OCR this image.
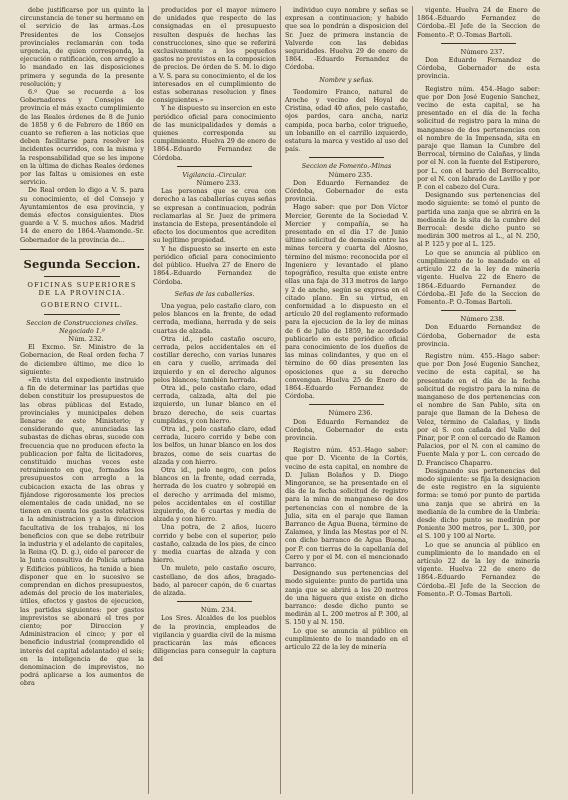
debe justificarse por un quinto la circunstancia de tener su hermano en el servicio de las armas.-Los Presidentes de los Consejos provinciales reclamarán con toda urgencia, de quien corresponda, la ejecución o ratificación, con arreglo a lo mandado en las disposiciones primera y segunda de la presente resolución; y

6.º Que se recuerde a los Gobernadores y Consejos de provincia el más exacto cumplimiento de las Reales órdenes de 8 de Junio de 1858 y 6 de Febrero de 1860 en cuanto se refieren a las noticias que deben facilitarse para resolver los incidentes ocurridos, con la misma y la responsabilidad que se les impone en la última de dichas Reales órdenes por las faltas u omisiones en este servicio.

De Real orden lo digo a V. S. para su conocimiento, el del Consejo y Ayuntamientos de esa provincia, y demás efectos consiguientes. Dios guarde a V. S. muchos años. Madrid 14 de enero de 1864.-Vaamonde.-Sr. Gobernador de la provincia de...

Segunda Seccion.

OFICINAS SUPERIORES DE LA PROVINCIA.

GOBIERNO CIVIL.

Seccion de Construcciones civiles. Negociado 1.º

Núm. 232.

El Excmo. Sr. Ministro de la Gobernacion, de Real orden fecha 7 de diciembre último, me dice lo siguiente:

«En vista del expediente instruido a fin de determinar las partidas que deben constituir los presupuestos de las obras públicas del Estado, provinciales y municipales deben llenarse de este Ministerio; y considerando que, anunciadas las subastas de dichas obras, sucede con frecuencia que no producen efecto la publicacion por falta de licitadores, constituido muchas veces este retraimiento en que, formados los presupuestos con arreglo a la cubicacion exacta de las obras y fijándose rigorosamente los precios elementales de cada unidad, no se tienen en cuenta los gastos relativos a la administracion y a la direccion facultativa de los trabajos, ni los beneficios con que se debe retribuir la industria y el adelanto de capitales, la Reina (Q. D. g.), oido el parecer de la Junta consultiva de Policía urbana y Edificios públicos, ha tenido a bien disponer que en lo sucesivo se comprendan en dichos presupuestos, además del precio de los materiales, útiles, efectos y gastos de ejecucion, las partidas siguientes: por gastos imprevistos se abonará el tres por ciento; por Direccion y Administracion el cinco; y por el beneficio industrial (comprendido el interés del capital adelantado) el seis; en la inteligencia de que la denominacion de imprevistos, no podrá aplicarse a los aumentos de obra

producidos por el mayor número de unidades que respecto de las consignadas en el presupuesto resulten después de hechas las construcciones, sino que se referirá exclusivamente a los pequeños gastos no previstos en la composicion de precios. De órden de S. M. lo digo a V. S. para su conocimiento, el de los interesados en el cumplimiento de estas soberanas resolucion y fines consiguientes.»

Y he dispuesto su insercion en este periódico oficial para conocimiento de las municipalidades y demás a quienes corresponda su cumplimiento. Huelva 29 de enero de 1864.-Eduardo Fernandez de Córdoba.

Vigilancia.-Circular.

Número 233.

Las personas que se crea con derecho a las caballerías cuyas señas se expresan a continuacion, podrán reclamarlas al Sr. Juez de primera instancia de Estepa, presentándole el efecto los documentos que acrediten su legítimo propiedad.

Y he dispuesto se inserte en este periódico oficial para conocimiento del público. Huelva 27 de Enero de 1864.-Eduardo Fernandez de Córdoba.

Señas de las caballerías.

Una yegua, pelo castaño claro, con pelos blancos en la frente, de edad cerrada, mediana, herrada y de seis cuartas de alzada.

Otra id., pelo castaño oscuro, cerrada, pelos accidentales en el costillar derecho, con varias lunares en cara y cuello, arrimada del izquierdo y en el derecho algunos pelos blancos; también herrada.

Otra id., pelo castaño claro, edad cerrada, calzada, alta del pie izquierdo, un lunar blanco en el brazo derecho, de seis cuartas cumplidas, y con hierro.

Otra id., pelo castaño claro, edad cerrada, lucero corrido y bebe con los belfos, un lunar blanco en los dos brazos, come de seis cuartas de alzada y con hierro.

Otra id., pelo negro, con pelos blancos en la frente, edad cerrada, herrada de los cuatro y sobrepié en el derecho y arrimada del mismo, pelos accidentales en el costillar izquierdo, de 6 cuartas y media de alzada y con hierro.

Una potra, de 2 años, lucero corrido y bebe con el superior, pelo castaño, calzada de los pies, de cinco y media cuartas de alzada y con hierro.

Un muleto, pelo castaño oscuro, castellano, de dos años, bragado-bado, al parecer capón, de 6 cuartas de alzada.

Núm. 234.

Los Sres. Alcaldes de los pueblos de la provincia, empleados de vigilancia y guardia civil de la misma practicarán las más eficaces diligencias para conseguir la captura del

individuo cuyo nombre y señas se expresan a continuacion; y habido que sea lo pondrán a disposicion del Sr. Juez de primera instancia de Valverde con las debidas seguridades. Huelva 29 de enero de 1864. -Eduardo Fernandez de Córdoba.

Nombre y señas.

Teodomiro Franco, natural de Aroche y vecino del Hoyal de Cristina, edad 40 años, pelo castaño, ojos pardos, cara ancha, nariz campida, poca barba, color trigueño, un lobanillo en el carrillo izquierdo, estatura la marca y vestido al uso del país.

Seccion de Fomento.-Minas

Número 235.

Don Eduardo Fernandez de Córdoba, Gobernador de esta provincia.

Hago saber: que por Don Víctor Mercier, Gerente de la Sociedad V. Mercier y compañía, se ha presentado en el día 17 de Junio último solicitud de demasía entre las minas tercera y cuarta del Alosno, término del mismo: reconocida por el Ingeniero y levantado el plano topográfico, resulta que existe entre ellas una faja de 313 metros de largo y 2 de ancho, según se expresa en el citado plano. En su virtud, en conformidad a lo dispuesto en el artículo 20 del reglamento reformado para la ejecucion de la ley de minas de 6 de Julio de 1859, he acordado publicarlo en este periódico oficial para conocimiento de los dueños de las minas colindantes, y que en el término de 60 días presenten las oposiciones que a su derecho convengan. Huelva 25 de Enero de 1864.-Eduardo Fernandez de Córdoba.

Número 236.

Don Eduardo Fernandez de Córdoba, Gobernador de esta provincia.

Registro núm. 453.-Hago saber: que por D. Vicente de la Cortés, vecino de esta capital, en nombre de D. Julian Bolaños y D. Diego Mingorance, se ha presentado en el día de la fecha solicitud de registro para la mina de manganeso de dos pertenencias con el nombre de la Julia, sita en el paraje que llaman Barranco de Agua Buena, término de Zalamea, y linda las Mestas por el N. con dicho barranco de Agua Buena, por P. con tierras de la capellanía del Cerro y por el M. con el mencionado barranco.

Designando sus pertenencias del modo siguiente: punto de partida una zanja que se abrirá a los 20 metros de una higuera que existe en dicho barranco: desde dicho punto se medirán al L. 200 metros al P. 300, al S. 150 y al N. 150.

Lo que se anuncia al público en cumplimiento de lo mandado en el artículo 22 de la ley de minería

vigente. Huelva 24 de Enero de 1864.-Eduardo Fernandez de Córdoba.-El Jefe de la Seccion de Fomento.-P. O.-Tomas Bartoli.

Número 237.

Don Eduardo Fernandez de Córdoba, Gobernador de esta provincia.

Registro núm. 454.-Hago saber: que por Don José Eugenio Sanchez, vecino de esta capital, se ha presentado en el día de la fecha solicitud de registro para la mina de manganeso de dos pertenencias con el nombre de la Impensada, sita en paraje que llaman la Cumbre del Berrocal, término de Calañas, y linda por el N. con la fuente del Estiperero, por L. con el barrio del Berrocalito, por el N. con labrado de Lavillo y por P. con el cabezo del Cura.

Designando sus pertenencias del modo siguiente: se tomó el punto de partida una zanja que se abrirá en la medianía de la sita de la cumbre del Berrocal: desde dicho punto se medirán 300 metros al L., al N. 250, al P. 125 y por al L. 125.

Lo que se anuncia al público en cumplimiento de lo mandado en el artículo 22 de la ley de minería vigente. Huelva 22 de Enero de 1864.-Eduardo Fernandez de Córdoba.-El Jefe de la Seccion de Fomento.-P. O.-Tomas Bartoli.

Número 238.

Don Eduardo Fernandez de Córdoba, Gobernador de esta provincia.

Registro núm. 455.-Hago saber: que por Don José Eugenio Sanchez, vecino de esta capital, se ha presentado en el día de la fecha solicitud de registro para la mina de manganeso de dos pertenencias con el nombre de San Pablo, sita en paraje que llaman de la Dehesa de Velez, término de Calañas, y linda por el S. con cañada del Valle del Pinar, por P. con el cercado de Ramon Palacios, por el N. con el camino de Fuente Mala y por L. con cercado de D. Francisco Chaparro.

Designando sus pertenencias del modo siguiente: se fija la designacion de este registro en la siguiente forma: se tomó por punto de partida una zanja que se abrirá en la medianía de la cumbre de la Umbría: desde dicho punto se medirán por Poniente 300 metros, por L. 300, por el S. 100 y 100 al Norte.

Lo que se anuncia al público en cumplimiento de lo mandado en el artículo 22 de la ley de minería vigente. Huelva 22 de enero de 1864.-Eduardo Fernandez de Córdoba.-El Jefe de la Seccion de Fomento.-P. O.-Tomas Bartoli.
